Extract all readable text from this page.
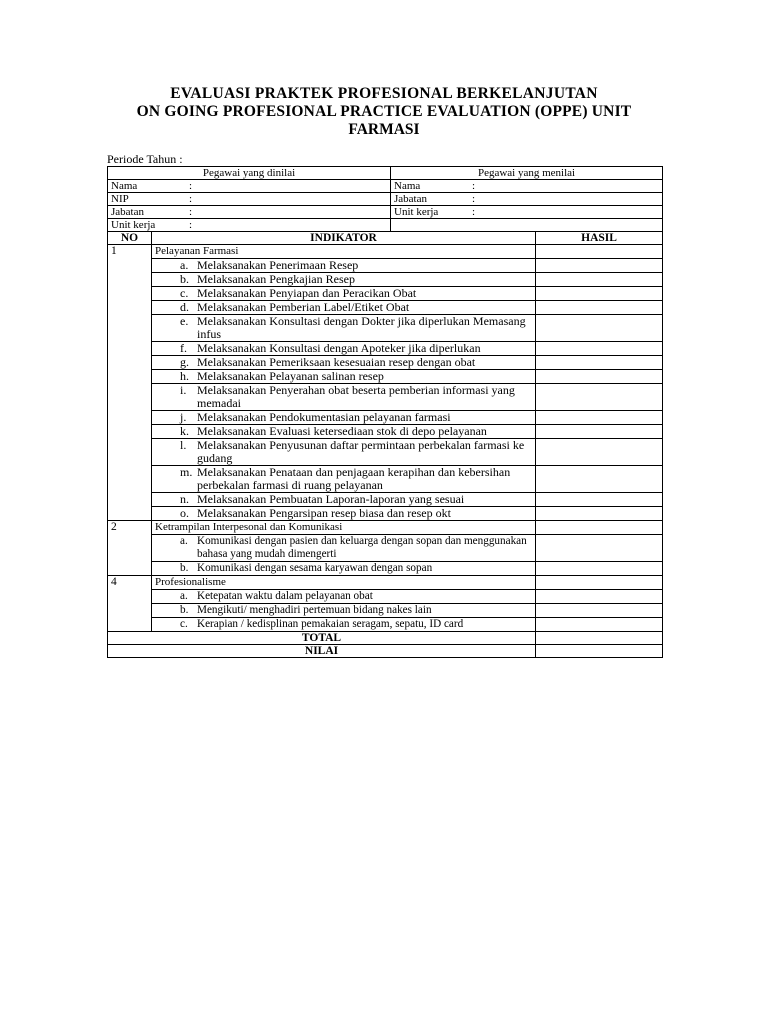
EVALUASI PRAKTEK PROFESIONAL BERKELANJUTAN
ON GOING PROFESIONAL PRACTICE EVALUATION (OPPE) UNIT
FARMASI
Periode Tahun :
Pegawai yang dinilai		Pegawai yang menilai	
Nama :		Nama :	
NIP :		Jabatan :	
Jabatan :		Unit kerja :	
Unit kerja :			
NO	INDIKATOR		HASIL
1	Pelayanan Farmasi		

	a. Melaksanakan Penerimaan Resep		

	b. Melaksanakan Pengkajian Resep		

	c. Melaksanakan Penyiapan dan Peracikan Obat		

	d. Melaksanakan Pemberian Label/Etiket Obat		

	e. Melaksanakan Konsultasi dengan Dokter jika diperlukan Memasang infus		

	f. Melaksanakan Konsultasi dengan Apoteker jika diperlukan		

	g. Melaksanakan Pemeriksaan kesesuaian resep dengan obat		

	h. Melaksanakan Pelayanan salinan resep		

	i. Melaksanakan Penyerahan obat beserta pemberian informasi yang memadai		

	j. Melaksanakan Pendokumentasian pelayanan farmasi		

	k. Melaksanakan Evaluasi ketersediaan stok di depo pelayanan		

	l. Melaksanakan Penyusunan daftar permintaan perbekalan farmasi ke gudang		

	m. Melaksanakan Penataan dan penjagaan kerapihan dan kebersihan perbekalan farmasi di ruang pelayanan		

	n. Melaksanakan Pembuatan Laporan-laporan yang sesuai		

	o. Melaksanakan Pengarsipan resep biasa dan resep okt		
2	Ketrampilan Interpesonal dan Komunikasi		

	a. Komunikasi dengan pasien dan keluarga dengan sopan dan menggunakan bahasa yang mudah dimengerti		

	b. Komunikasi dengan sesama karyawan dengan sopan		
4	Profesionalisme		

	a. Ketepatan waktu dalam pelayanan obat		

	b. Mengikuti/ menghadiri pertemuan bidang nakes lain		

	c. Kerapian / kedisplinan pemakaian seragam, sepatu, ID card		
TOTAL			
NILAI			
